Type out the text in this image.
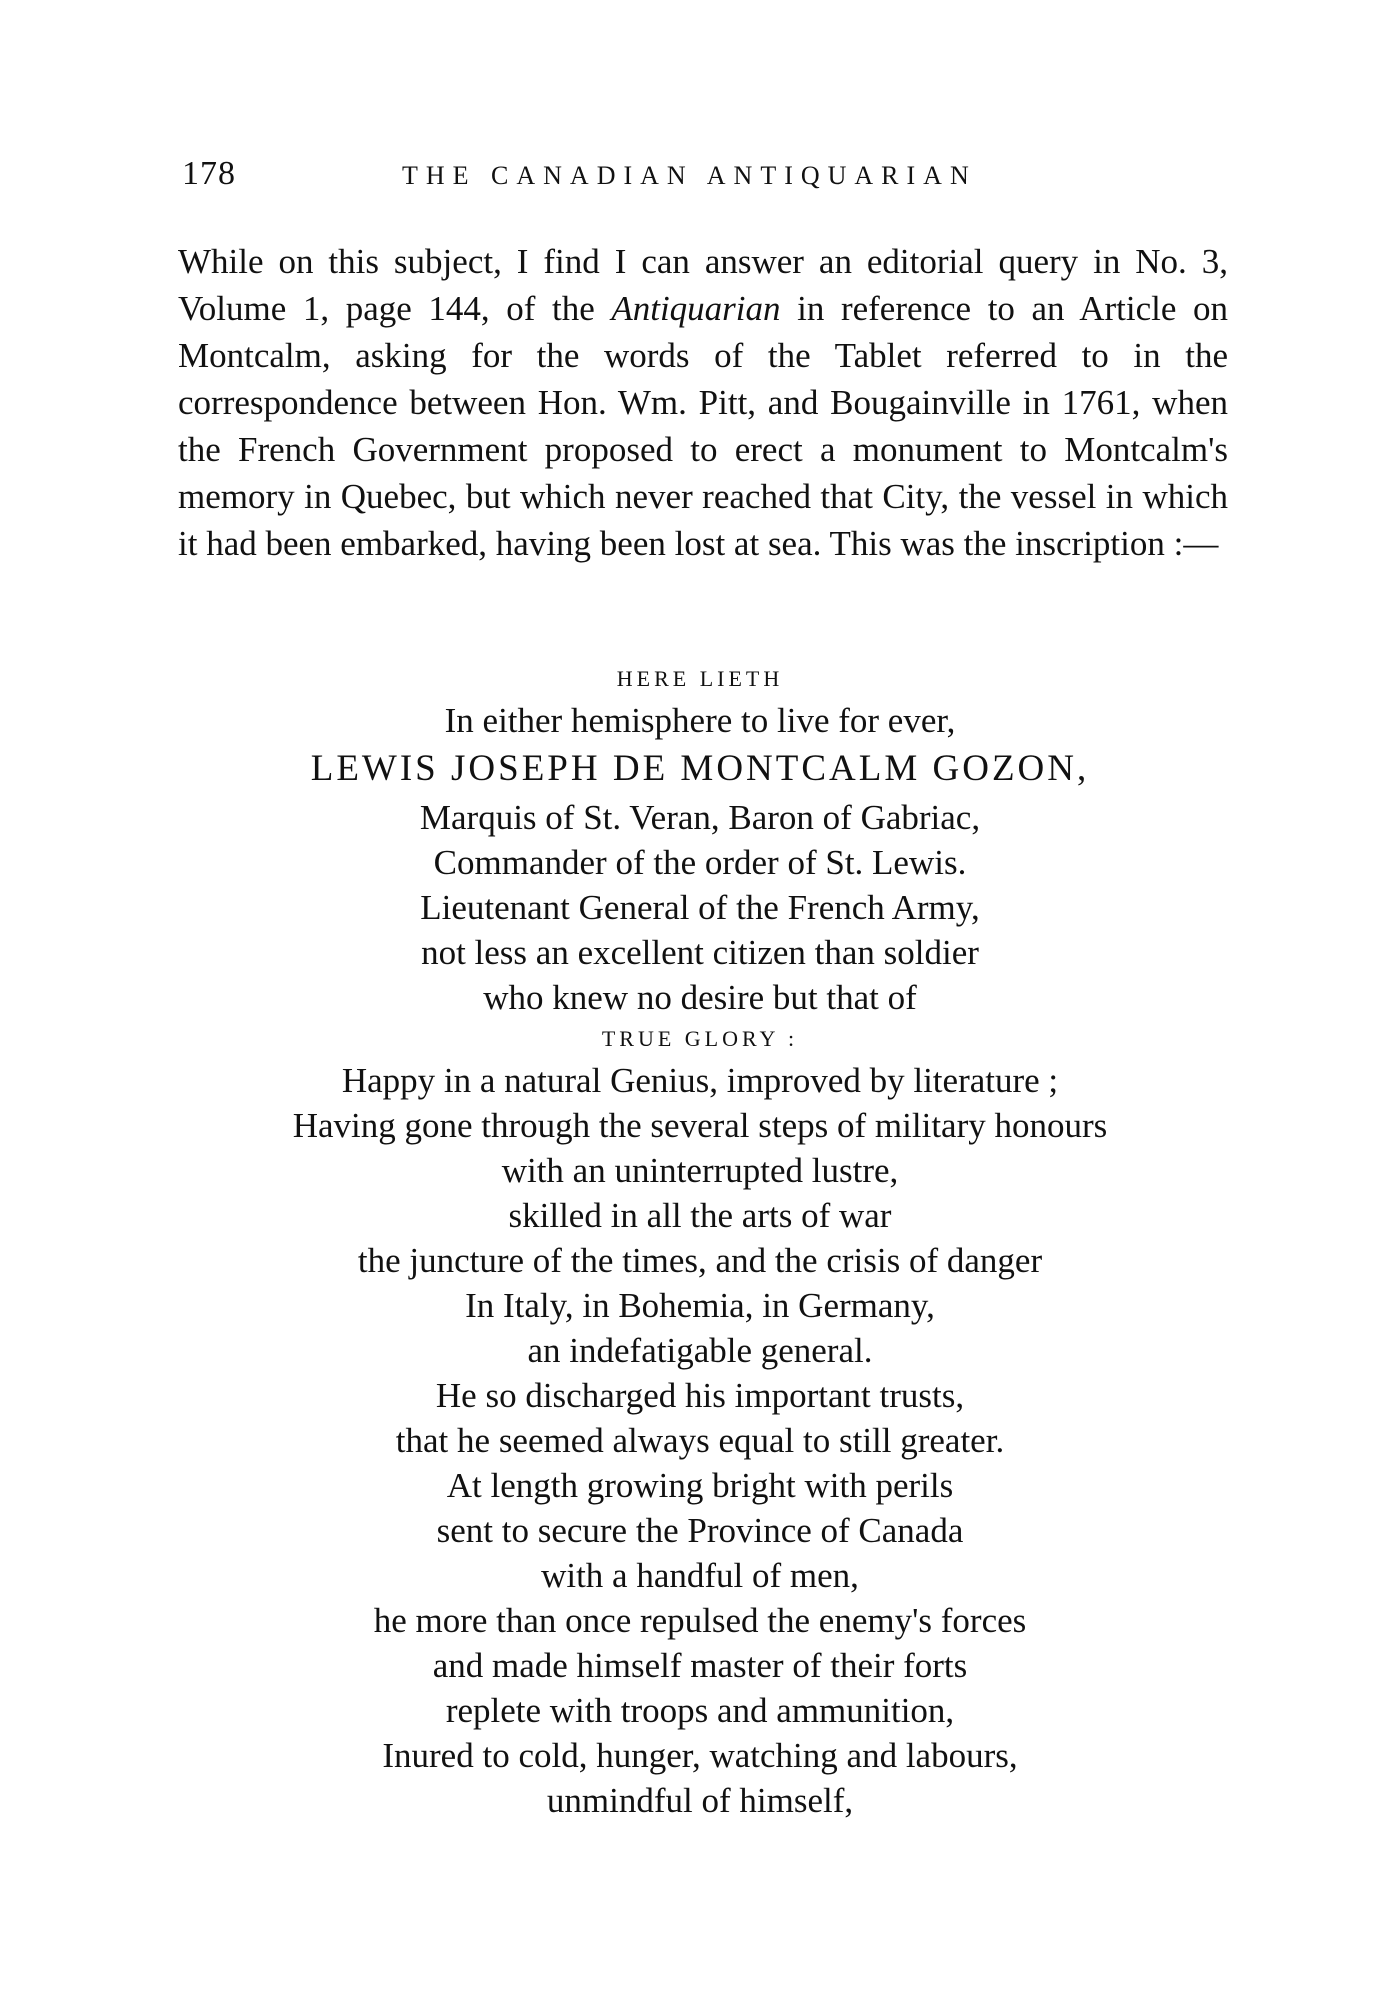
178	THE CANADIAN ANTIQUARIAN

While on this subject, I find I can answer an editorial query in No. 3, Volume 1, page 144, of the Antiquarian in reference to an Article on Montcalm, asking for the words of the Tablet referred to in the correspondence between Hon. Wm. Pitt, and Bougainville in 1761, when the French Government proposed to erect a monument to Montcalm's memory in Quebec, but which never reached that City, the vessel in which it had been embarked, having been lost at sea. This was the inscription :—

HERE LIETH
In either hemisphere to live for ever,
LEWIS JOSEPH DE MONTCALM GOZON,
Marquis of St. Veran, Baron of Gabriac,
Commander of the order of St. Lewis.
Lieutenant General of the French Army,
not less an excellent citizen than soldier
who knew no desire but that of
TRUE GLORY :
Happy in a natural Genius, improved by literature ;
Having gone through the several steps of military honours
with an uninterrupted lustre,
skilled in all the arts of war
the juncture of the times, and the crisis of danger
In Italy, in Bohemia, in Germany,
an indefatigable general.
He so discharged his important trusts,
that he seemed always equal to still greater.
At length growing bright with perils
sent to secure the Province of Canada
with a handful of men,
he more than once repulsed the enemy's forces
and made himself master of their forts
replete with troops and ammunition,
Inured to cold, hunger, watching and labours,
unmindful of himself,
